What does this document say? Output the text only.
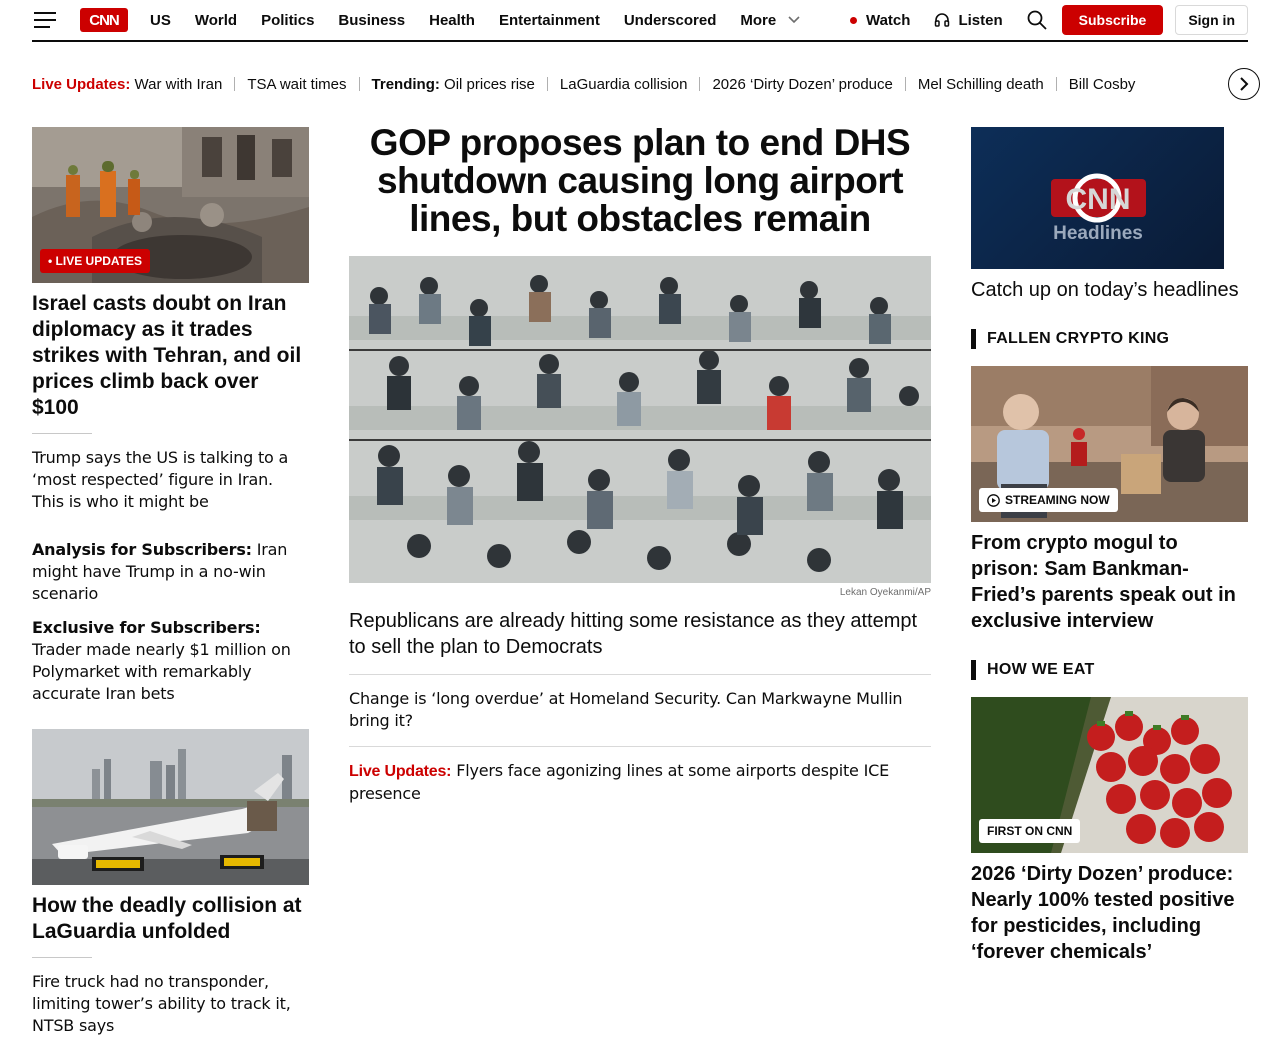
CNN US World Politics Business Health Entertainment Underscored More	Watch	Listen	Subscribe	Sign in
Live Updates: War with Iran TSA wait times Trending: Oil prices rise LaGuardia collision 2026 ‘Dirty Dozen’ produce Mel Schilling death Bill Cosby
• LIVE UPDATES
Israel casts doubt on Iran diplomacy as it trades strikes with Tehran, and oil prices climb back over $100
Trump says the US is talking to a ‘most respected’ figure in Iran. This is who it might be
Analysis for Subscribers: Iran might have Trump in a no-win scenario
Exclusive for Subscribers: Trader made nearly $1 million on Polymarket with remarkably accurate Iran bets
How the deadly collision at LaGuardia unfolded
Fire truck had no transponder, limiting tower’s ability to track it, NTSB says
GOP proposes plan to end DHS shutdown causing long airport lines, but obstacles remain
Lekan Oyekanmi/AP
Republicans are already hitting some resistance as they attempt to sell the plan to Democrats
Change is ‘long overdue’ at Homeland Security. Can Markwayne Mullin bring it?
Live Updates: Flyers face agonizing lines at some airports despite ICE presence
CNN
Headlines
Catch up on today’s headlines
FALLEN CRYPTO KING
STREAMING NOW
From crypto mogul to prison: Sam Bankman-Fried’s parents speak out in exclusive interview
HOW WE EAT
FIRST ON CNN
2026 ‘Dirty Dozen’ produce: Nearly 100% tested positive for pesticides, including ‘forever chemicals’
